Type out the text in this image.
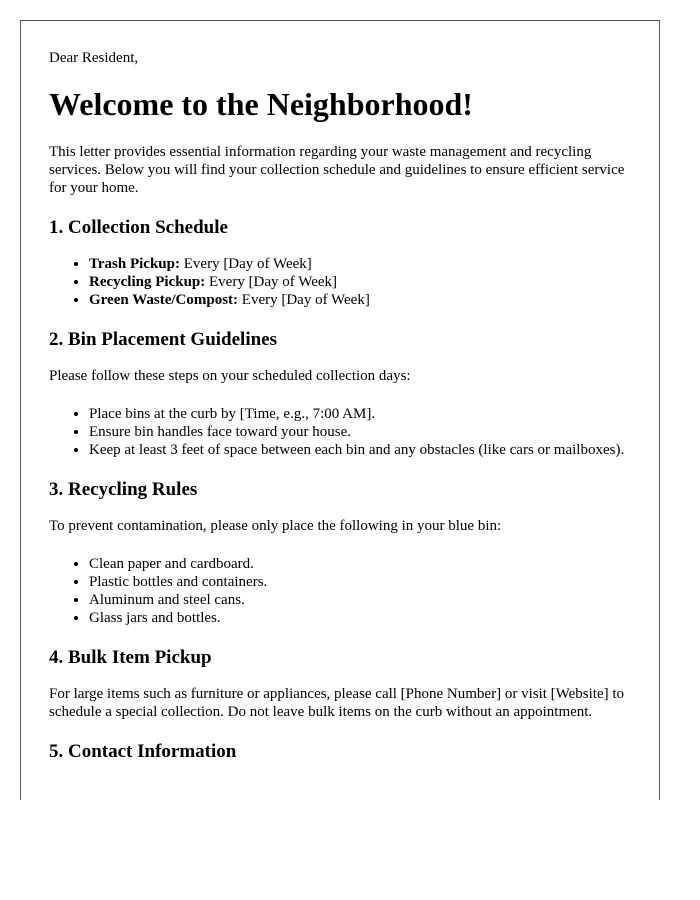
Dear Resident,

Welcome to the Neighborhood!

This letter provides essential information regarding your waste management and recycling services. Below you will find your collection schedule and guidelines to ensure efficient service for your home.

1. Collection Schedule
• Trash Pickup: Every [Day of Week]
• Recycling Pickup: Every [Day of Week]
• Green Waste/Compost: Every [Day of Week]
2. Bin Placement Guidelines

Please follow these steps on your scheduled collection days:

• Place bins at the curb by [Time, e.g., 7:00 AM].
• Ensure bin handles face toward your house.
• Keep at least 3 feet of space between each bin and any obstacles (like cars or mailboxes).
3. Recycling Rules

To prevent contamination, please only place the following in your blue bin:

• Clean paper and cardboard.
• Plastic bottles and containers.
• Aluminum and steel cans.
• Glass jars and bottles.
4. Bulk Item Pickup

For large items such as furniture or appliances, please call [Phone Number] or visit [Website] to schedule a special collection. Do not leave bulk items on the curb without an appointment.

5. Contact Information
